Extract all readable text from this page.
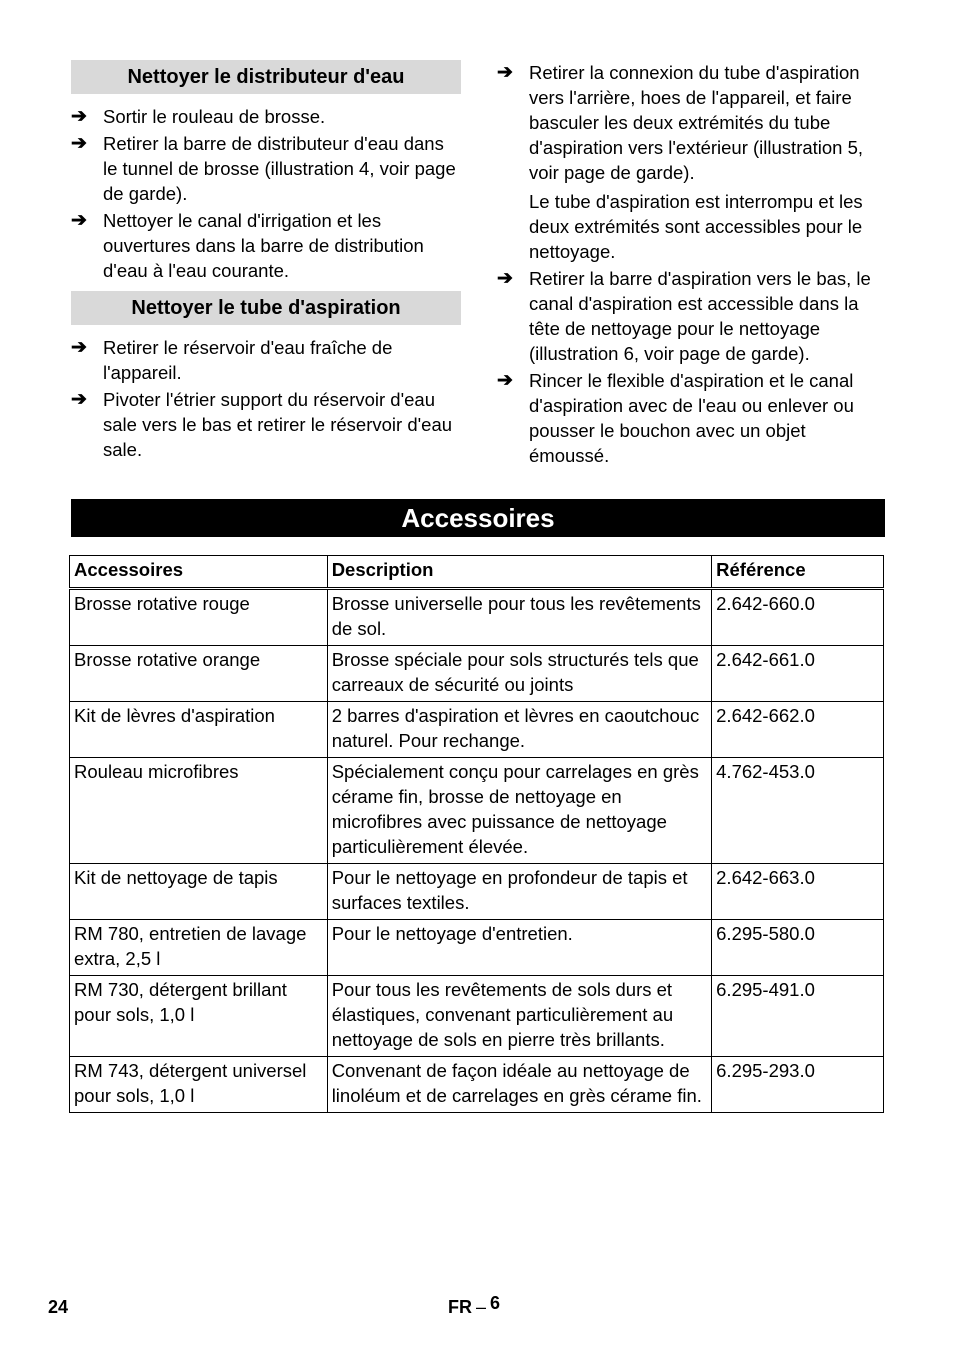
Nettoyer le distributeur d'eau
➔ Sortir le rouleau de brosse.
➔ Retirer la barre de distributeur d'eau dans le tunnel de brosse (illustration 4, voir page de garde).
➔ Nettoyer le canal d'irrigation et les ouvertures dans la barre de distribution d'eau à l'eau courante.
Nettoyer le tube d'aspiration
➔ Retirer le réservoir d'eau fraîche de l'appareil.
➔ Pivoter l'étrier support du réservoir d'eau sale vers le bas et retirer le réservoir d'eau sale.
➔ Retirer la connexion du tube d'aspiration vers l'arrière, hoes de l'appareil, et faire basculer les deux extrémités du tube d'aspiration vers l'extérieur (illustration 5, voir page de garde).

Le tube d'aspiration est interrompu et les deux extrémités sont accessibles pour le nettoyage.

➔ Retirer la barre d'aspiration vers le bas, le canal d'aspiration est accessible dans la tête de nettoyage pour le nettoyage (illustration 6, voir page de garde).
➔ Rincer le flexible d'aspiration et le canal d'aspiration avec de l'eau ou enlever ou pousser le bouchon avec un objet émoussé.
Accessoires
Accessoires	Description	Référence
Brosse rotative rouge	Brosse universelle pour tous les revêtements de sol.	2.642-660.0
Brosse rotative orange	Brosse spéciale pour sols structurés tels que carreaux de sécurité ou joints	2.642-661.0
Kit de lèvres d'aspiration	2 barres d'aspiration et lèvres en caoutchouc naturel. Pour rechange.	2.642-662.0
Rouleau microfibres	Spécialement conçu pour carrelages en grès cérame fin, brosse de nettoyage en microfibres avec puissance de nettoyage particulièrement élevée.	4.762-453.0
Kit de nettoyage de tapis	Pour le nettoyage en profondeur de tapis et surfaces textiles.	2.642-663.0
RM 780, entretien de lavage extra, 2,5 l	Pour le nettoyage d'entretien.	6.295-580.0
RM 730, détergent brillant pour sols, 1,0 l	Pour tous les revêtements de sols durs et élastiques, convenant particulièrement au nettoyage de sols en pierre très brillants.	6.295-491.0
RM 743, détergent universel pour sols, 1,0 l	Convenant de façon idéale au nettoyage de linoléum et de carrelages en grès cérame fin.	6.295-293.0
24	FR – 6
